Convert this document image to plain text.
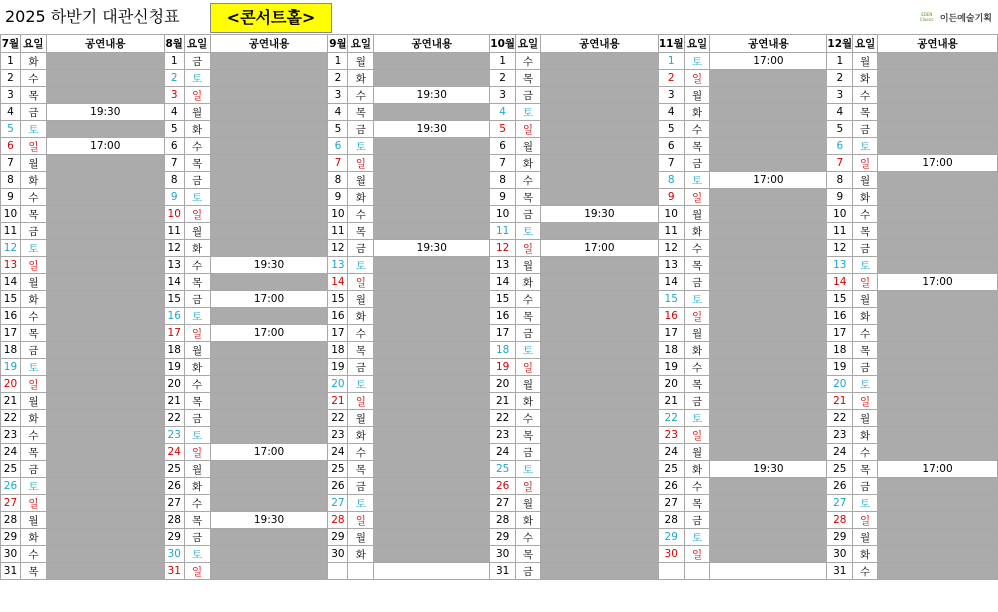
2025 하반기 대관신청표	<콘서트홀>	EDEN
Classic 이든예술기획
7월	요일	공연내용	8월	요일	공연내용	9월	요일	공연내용	10월	요일	공연내용	11월	요일	공연내용	12월	요일	공연내용
1	화		1	금		1	월		1	수		1	토	17:00	1	월	
2	수		2	토		2	화		2	목		2	일		2	화	
3	목		3	일		3	수	19:30	3	금		3	월		3	수	
4	금	19:30	4	월		4	목		4	토		4	화		4	목	
5	토		5	화		5	금	19:30	5	일		5	수		5	금	
6	일	17:00	6	수		6	토		6	월		6	목		6	토	
7	월		7	목		7	일		7	화		7	금		7	일	17:00
8	화		8	금		8	월		8	수		8	토	17:00	8	월	
9	수		9	토		9	화		9	목		9	일		9	화	
10	목		10	일		10	수		10	금	19:30	10	월		10	수	
11	금		11	월		11	목		11	토		11	화		11	목	
12	토		12	화		12	금	19:30	12	일	17:00	12	수		12	금	
13	일		13	수	19:30	13	토		13	월		13	목		13	토	
14	월		14	목		14	일		14	화		14	금		14	일	17:00
15	화		15	금	17:00	15	월		15	수		15	토		15	월	
16	수		16	토		16	화		16	목		16	일		16	화	
17	목		17	일	17:00	17	수		17	금		17	월		17	수	
18	금		18	월		18	목		18	토		18	화		18	목	
19	토		19	화		19	금		19	일		19	수		19	금	
20	일		20	수		20	토		20	월		20	목		20	토	
21	월		21	목		21	일		21	화		21	금		21	일	
22	화		22	금		22	월		22	수		22	토		22	월	
23	수		23	토		23	화		23	목		23	일		23	화	
24	목		24	일	17:00	24	수		24	금		24	월		24	수	
25	금		25	월		25	목		25	토		25	화	19:30	25	목	17:00
26	토		26	화		26	금		26	일		26	수		26	금	
27	일		27	수		27	토		27	월		27	목		27	토	
28	월		28	목	19:30	28	일		28	화		28	금		28	일	
29	화		29	금		29	월		29	수		29	토		29	월	
30	수		30	토		30	화		30	목		30	일		30	화	
31	목		31	일					31	금					31	수	
